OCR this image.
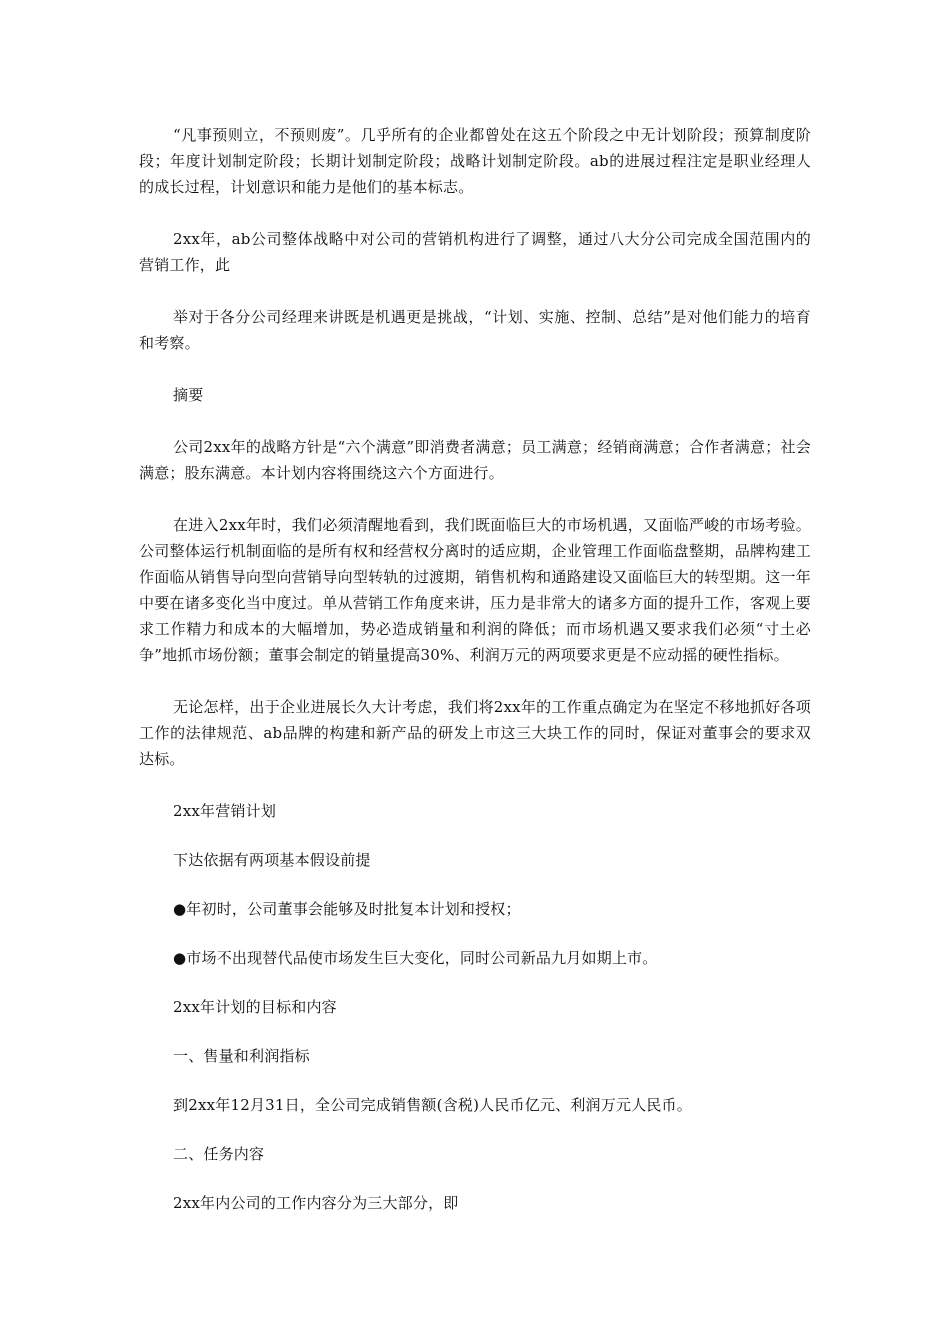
“凡事预则立，不预则废”。几乎所有的企业都曾处在这五个阶段之中无计划阶段；预算制度阶段；年度计划制定阶段；长期计划制定阶段；战略计划制定阶段。ab的进展过程注定是职业经理人的成长过程，计划意识和能力是他们的基本标志。

2xx年，ab公司整体战略中对公司的营销机构进行了调整，通过八大分公司完成全国范围内的营销工作，此

举对于各分公司经理来讲既是机遇更是挑战，“计划、实施、控制、总结”是对他们能力的培育和考察。

摘要

公司2xx年的战略方针是“六个满意”即消费者满意；员工满意；经销商满意；合作者满意；社会满意；股东满意。本计划内容将围绕这六个方面进行。

在进入2xx年时，我们必须清醒地看到，我们既面临巨大的市场机遇，又面临严峻的市场考验。公司整体运行机制面临的是所有权和经营权分离时的适应期，企业管理工作面临盘整期，品牌构建工作面临从销售导向型向营销导向型转轨的过渡期，销售机构和通路建设又面临巨大的转型期。这一年中要在诸多变化当中度过。单从营销工作角度来讲，压力是非常大的诸多方面的提升工作，客观上要求工作精力和成本的大幅增加，势必造成销量和利润的降低；而市场机遇又要求我们必须“寸土必争”地抓市场份额；董事会制定的销量提高30%、利润万元的两项要求更是不应动摇的硬性指标。

无论怎样，出于企业进展长久大计考虑，我们将2xx年的工作重点确定为在坚定不移地抓好各项工作的法律规范、ab品牌的构建和新产品的研发上市这三大块工作的同时，保证对董事会的要求双达标。

2xx年营销计划

下达依据有两项基本假设前提

●年初时，公司董事会能够及时批复本计划和授权；

●市场不出现替代品使市场发生巨大变化，同时公司新品九月如期上市。

2xx年计划的目标和内容

一、售量和利润指标

到2xx年12月31日，全公司完成销售额(含税)人民币亿元、利润万元人民币。

二、任务内容

2xx年内公司的工作内容分为三大部分，即
